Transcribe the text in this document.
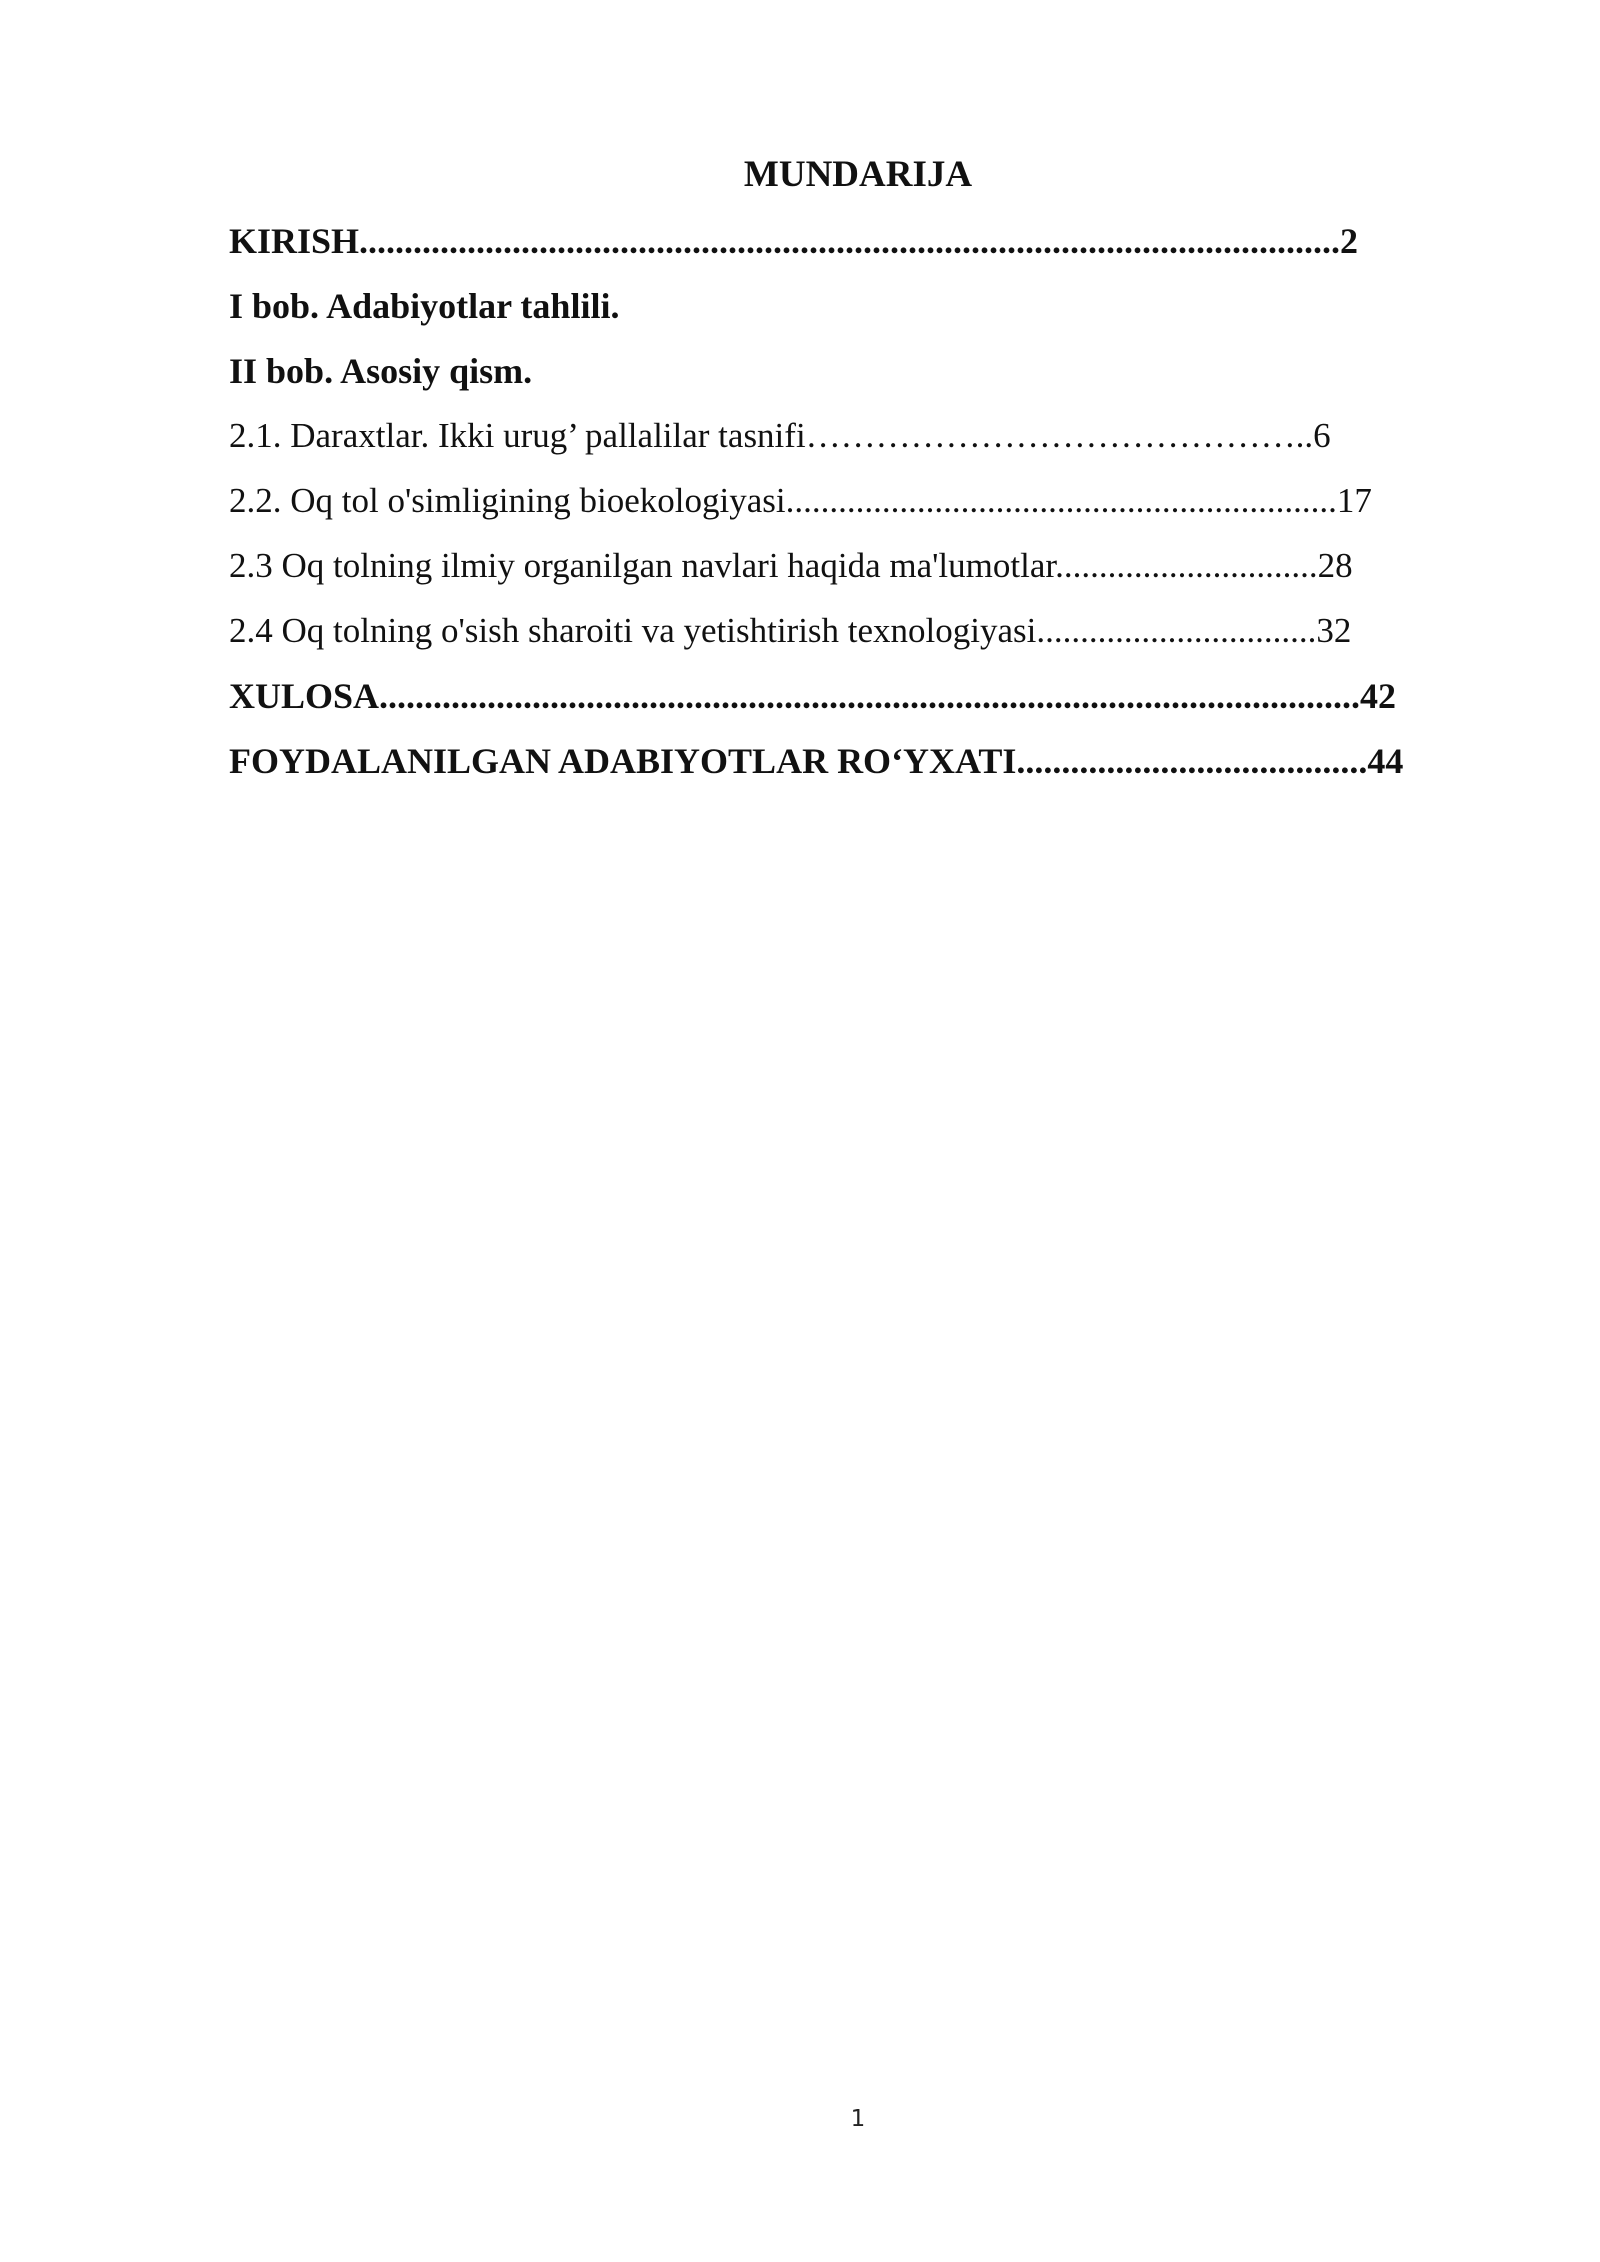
MUNDARIJA
KIRISH.............................................................................................................2
I bob. Adabiyotlar tahlili.
II bob. Asosiy qism.
2.1. Daraxtlar. Ikki urug’ pallalilar tasnifi……………………………………..6
2.2. Oq tol o'simligining bioekologiyasi...............................................................17
2.3 Oq tolning ilmiy organilgan navlari haqida ma'lumotlar..............................28
2.4 Oq tolning o'sish sharoiti va yetishtirish texnologiyasi................................32
XULOSA.............................................................................................................42
FOYDALANILGAN ADABIYOTLAR RO‘YXATI.......................................44
1
